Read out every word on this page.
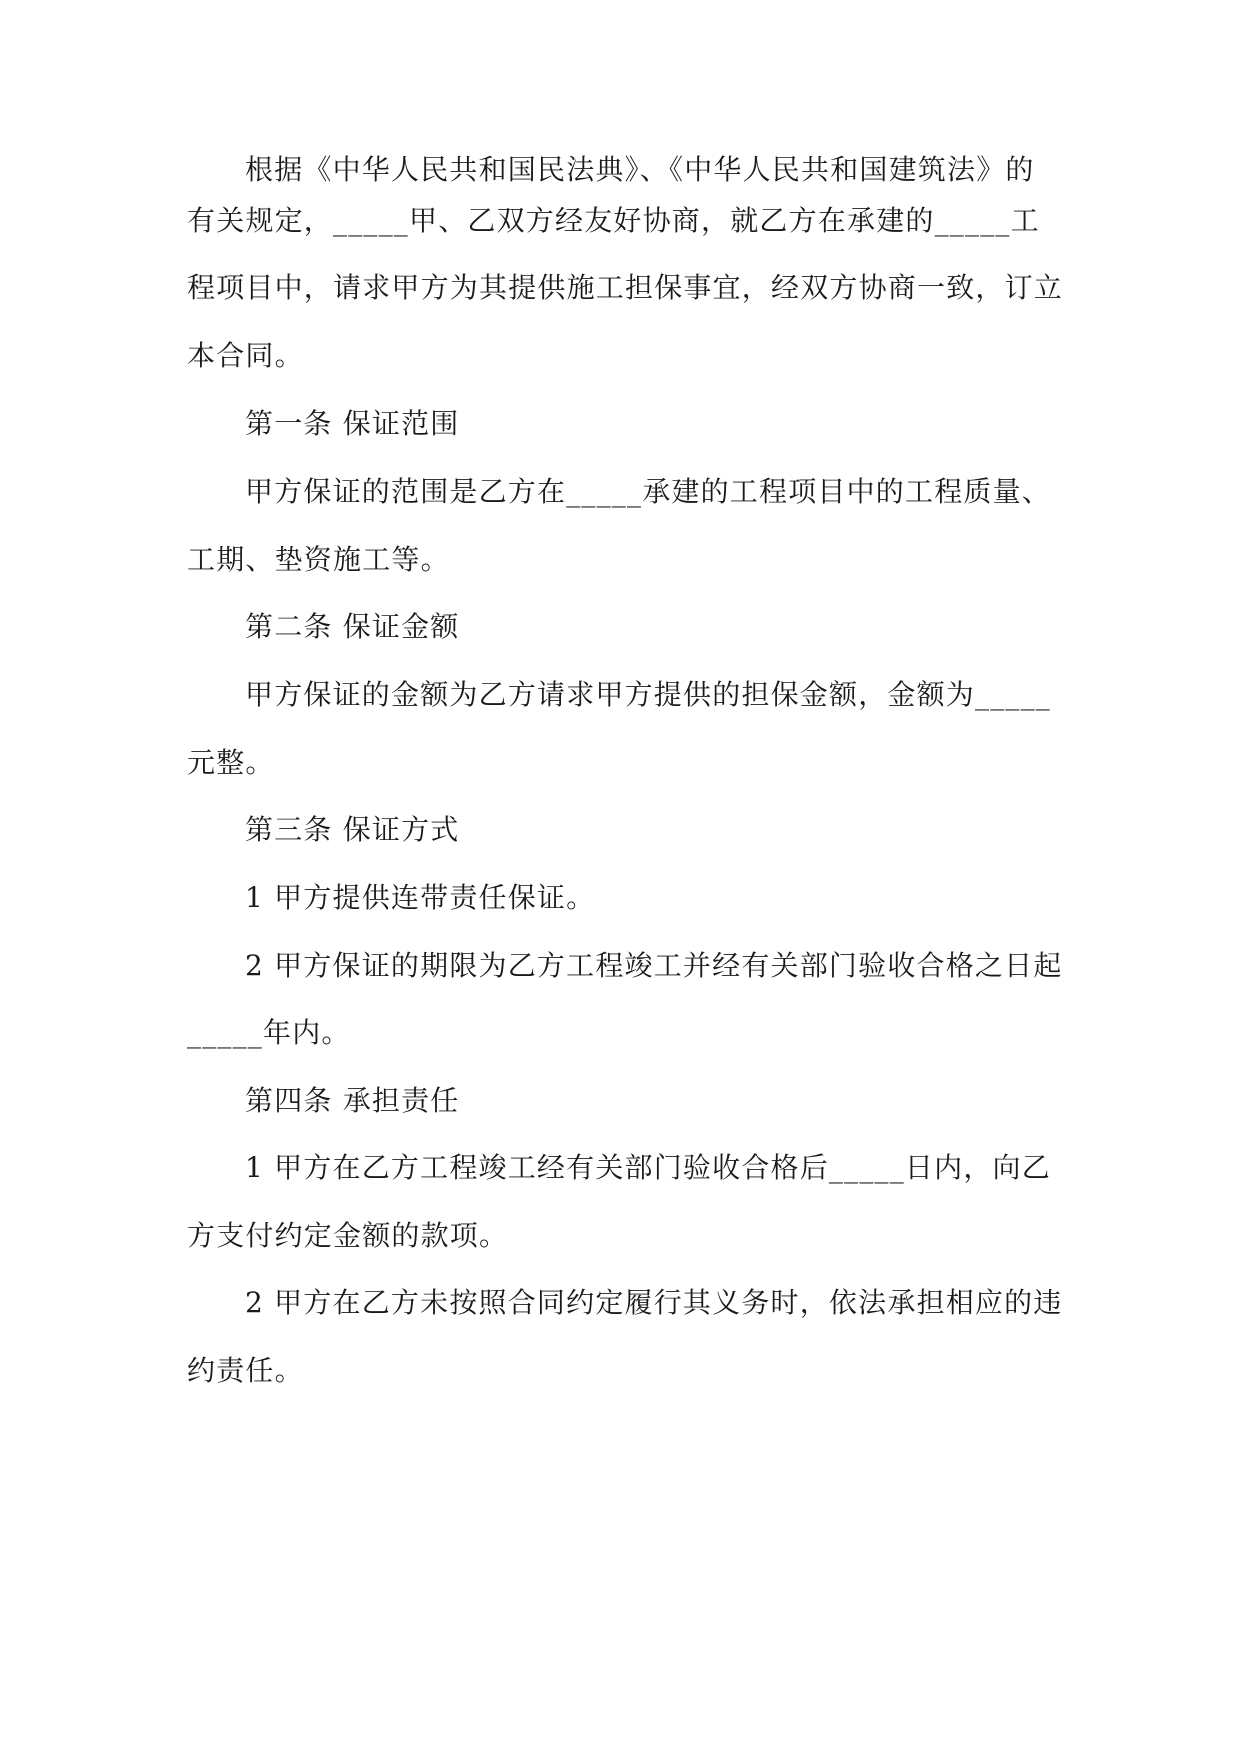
根据《中华人民共和国民法典》、《中华人民共和国建筑法》的
有关规定，_____甲、乙双方经友好协商，就乙方在承建的_____工
程项目中，请求甲方为其提供施工担保事宜，经双方协商一致，订立
本合同。
第一条 保证范围
甲方保证的范围是乙方在_____承建的工程项目中的工程质量、
工期、垫资施工等。
第二条 保证金额
甲方保证的金额为乙方请求甲方提供的担保金额，金额为_____
元整。
第三条 保证方式
1 甲方提供连带责任保证。
2 甲方保证的期限为乙方工程竣工并经有关部门验收合格之日起
_____年内。
第四条 承担责任
1 甲方在乙方工程竣工经有关部门验收合格后_____日内，向乙
方支付约定金额的款项。
2 甲方在乙方未按照合同约定履行其义务时，依法承担相应的违
约责任。
